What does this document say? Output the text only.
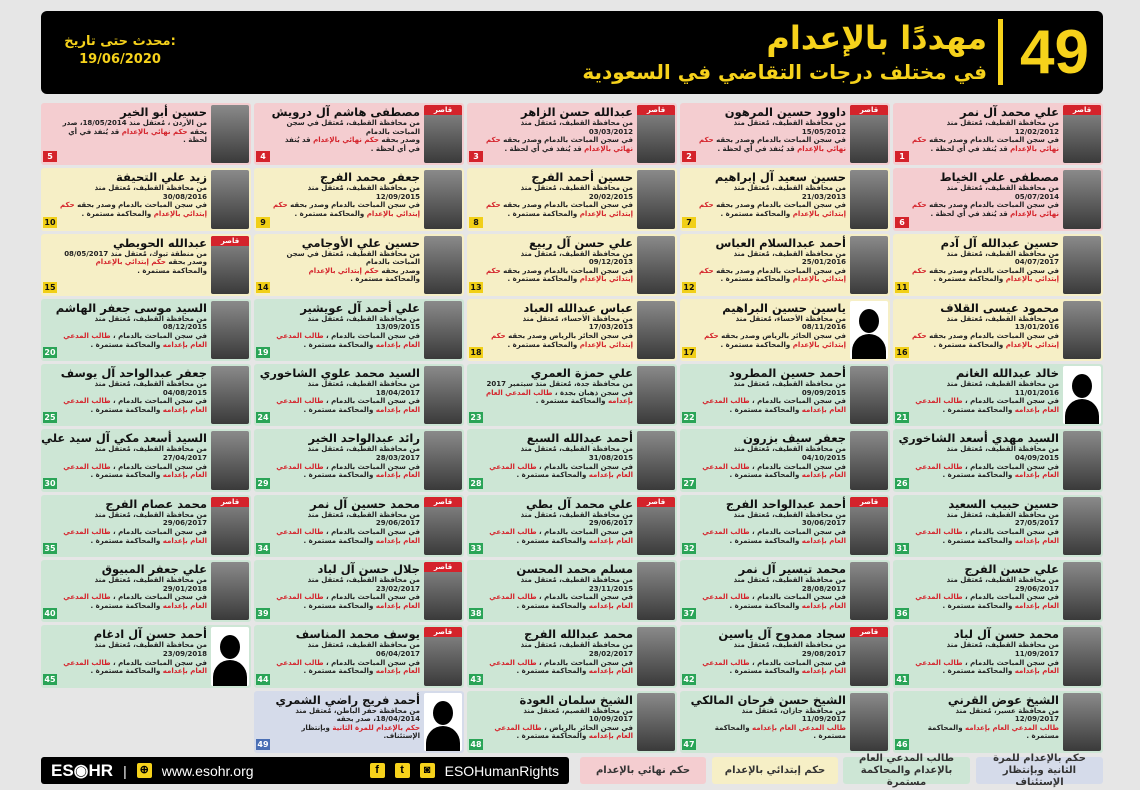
49
مهددًا بالإعدام
في مختلف درجات التقاضي في السعودية
محدث حتى تاريخ:
19/06/2020
قاصر
علي محمد آل نمر
من محافظة القطيف، مُعتقل منذ 12/02/2012
في سجن المباحث بالدمام وصدر بحقه حكم نهائي بالإعدام قد يُنفذ في أي لحظة .
1
قاصر
داوود حسين المرهون
من محافظة القطيف، مُعتقل منذ 15/05/2012
في سجن المباحث بالدمام وصدر بحقه حكم نهائي بالإعدام قد يُنفذ في أي لحظة .
2
قاصر
عبدالله حسن الزاهر
من محافظة القطيف، مُعتقل منذ 03/03/2012
في سجن المباحث بالدمام وصدر بحقه حكم نهائي بالإعدام قد يُنفذ في أي لحظة .
3
قاصر
مصطفى هاشم آل درويش
من محافظة القطيف، مُعتقل في سجن المباحث بالدمام
وصدر بحقه حكم نهائي بالإعدام قد يُنفذ في أي لحظة .
4
حسين أبو الخير
من الأردن ، مُعتقل منذ 18/05/2014، صدر
بحقه حكم نهائي بالإعدام قد يُنفذ في أي لحظة .
5
مصطفى علي الخياط
من محافظة القطيف، مُعتقل منذ 05/07/2014
في سجن المباحث بالدمام وصدر بحقه حكم نهائي بالإعدام قد يُنفذ في أي لحظة .
6
حسين سعيد آل إبراهيم
من محافظة القطيف، مُعتقل منذ 21/03/2013
في سجن المباحث بالدمام وصدر بحقه حكم إبتدائي بالإعدام والمحاكمة مستمرة .
7
حسين أحمد الفرج
من محافظة القطيف، مُعتقل منذ 20/02/2015
في سجن المباحث بالدمام وصدر بحقه حكم إبتدائي بالإعدام والمحاكمة مستمرة .
8
جعفر محمد الفرج
من محافظة القطيف، مُعتقل منذ 12/09/2015
في سجن المباحث بالدمام وصدر بحقه حكم إبتدائي بالإعدام والمحاكمة مستمرة .
9
زيد علي التحيفة
من محافظة القطيف، مُعتقل منذ 30/08/2016
في سجن المباحث بالدمام وصدر بحقه حكم إبتدائي بالإعدام والمحاكمة مستمرة .
10
حسين عبدالله آل آدم
من محافظة القطيف، مُعتقل منذ 04/07/2017
في سجن المباحث بالدمام وصدر بحقه حكم إبتدائي بالإعدام والمحاكمة مستمرة .
11
أحمد عبدالسلام العباس
من محافظة القطيف، مُعتقل منذ 25/01/2016
في سجن المباحث بالدمام وصدر بحقه حكم إبتدائي بالإعدام والمحاكمة مستمرة .
12
علي حسن آل ربيع
من محافظة القطيف، مُعتقل منذ 09/12/2013
في سجن المباحث بالدمام وصدر بحقه حكم إبتدائي بالإعدام والمحاكمة مستمرة .
13
حسين علي الأوجامي
من محافظة القطيف، مُعتقل في سجن المباحث بالدمام
وصدر بحقه حكم إبتدائي بالإعدام والمحاكمة مستمرة .
14
قاصر
عبدالله الحويطي
من منطقة تبوك، مُعتقل منذ 08/05/2017
وصدر بحقه حكم إبتدائي بالإعدام والمحاكمة مستمرة .
15
محمود عيسى القلاف
من محافظة القطيف، مُعتقل منذ 13/01/2016
في سجن المباحث بالدمام وصدر بحقه حكم إبتدائي بالإعدام والمحاكمة مستمرة .
16
ياسين حسين البراهيم
من محافظة الأحساء، مُعتقل منذ 08/11/2016
في سجن الحائر بالرياض وصدر بحقه حكم إبتدائي بالإعدام والمحاكمة مستمرة .
17
عباس عبدالله العباد
من محافظة الأحساء، مُعتقل منذ 17/03/2013
في سجن الحائر بالرياض وصدر بحقه حكم إبتدائي بالإعدام والمحاكمة مستمرة .
18
علي أحمد آل عويشير
من محافظة القطيف، مُعتقل منذ 13/09/2015
في سجن المباحث بالدمام ، طالب المدعي العام بإعدامه والمحاكمة مستمرة .
19
السيد موسى جعفر الهاشم
من محافظة القطيف، مُعتقل منذ 08/12/2015
في سجن المباحث بالدمام ، طالب المدعي العام بإعدامه والمحاكمة مستمرة .
20
خالد عبدالله الغانم
من محافظة القطيف، مُعتقل منذ 11/01/2016
في سجن المباحث بالدمام ، طالب المدعي العام بإعدامه والمحاكمة مستمرة .
21
أحمد حسين المطرود
من محافظة القطيف، مُعتقل منذ 09/09/2015
في سجن المباحث بالدمام ، طالب المدعي العام بإعدامه والمحاكمة مستمرة .
22
علي حمزة العمري
من محافظة جدة، مُعتقل منذ سبتمبر 2017
في سجن ذهبان بجدة ، طالب المدعي العام بإعدامه والمحاكمة مستمرة .
23
السيد محمد علوي الشاخوري
من محافظة القطيف، مُعتقل منذ 18/04/2017
في سجن المباحث بالدمام ، طالب المدعي العام بإعدامه والمحاكمة مستمرة .
24
جعفر عبدالواحد آل يوسف
من محافظة القطيف، مُعتقل منذ 04/08/2015
في سجن المباحث بالدمام ، طالب المدعي العام بإعدامه والمحاكمة مستمرة .
25
السيد مهدي أسعد الشاخوري
من محافظة القطيف، مُعتقل منذ 04/09/2015
في سجن المباحث بالدمام ، طالب المدعي العام بإعدامه والمحاكمة مستمرة .
26
جعفر سيف بزرون
من محافظة القطيف، مُعتقل منذ 04/10/2015
في سجن المباحث بالدمام ، طالب المدعي العام بإعدامه والمحاكمة مستمرة .
27
أحمد عبدالله السبع
من محافظة القطيف، مُعتقل منذ 31/08/2015
في سجن المباحث بالدمام ، طالب المدعي العام بإعدامه والمحاكمة مستمرة .
28
رائد عبدالواحد الخير
من محافظة القطيف، مُعتقل منذ 28/03/2017
في سجن المباحث بالدمام ، طالب المدعي العام بإعدامه والمحاكمة مستمرة .
29
السيد أسعد مكي آل سيد علي
من محافظة القطيف، مُعتقل منذ 27/04/2017
في سجن المباحث بالدمام ، طالب المدعي العام بإعدامه والمحاكمة مستمرة .
30
حسين حبيب السعيد
من محافظة القطيف، مُعتقل منذ 27/05/2017
في سجن المباحث بالدمام ، طالب المدعي العام بإعدامه والمحاكمة مستمرة .
31
قاصر
أحمد عبدالواحد الفرج
من محافظة القطيف، مُعتقل منذ 30/06/2017
في سجن المباحث بالدمام ، طالب المدعي العام بإعدامه والمحاكمة مستمرة .
32
قاصر
علي محمد آل بطي
من محافظة القطيف، مُعتقل منذ 29/06/2017
في سجن المباحث بالدمام ، طالب المدعي العام بإعدامه والمحاكمة مستمرة .
33
قاصر
محمد حسين آل نمر
من محافظة القطيف، مُعتقل منذ 29/06/2017
في سجن المباحث بالدمام ، طالب المدعي العام بإعدامه والمحاكمة مستمرة .
34
قاصر
محمد عصام الفرج
من محافظة القطيف، مُعتقل منذ 29/06/2017
في سجن المباحث بالدمام ، طالب المدعي العام بإعدامه والمحاكمة مستمرة .
35
علي حسن الفرج
من محافظة القطيف، مُعتقل منذ 29/06/2017
في سجن المباحث بالدمام ، طالب المدعي العام بإعدامه والمحاكمة مستمرة .
36
محمد تيسير آل نمر
من محافظة القطيف، مُعتقل منذ 28/08/2017
في سجن المباحث بالدمام ، طالب المدعي العام بإعدامه والمحاكمة مستمرة .
37
مسلم محمد المحسن
من محافظة القطيف، مُعتقل منذ 23/11/2015
في سجن المباحث بالدمام ، طالب المدعي العام بإعدامه والمحاكمة مستمرة .
38
قاصر
جلال حسن آل لباد
من محافظة القطيف، مُعتقل منذ 23/02/2017
في سجن المباحث بالدمام ، طالب المدعي العام بإعدامه والمحاكمة مستمرة .
39
علي جعفر المبيوق
من محافظة القطيف، مُعتقل منذ 29/01/2018
في سجن المباحث بالدمام ، طالب المدعي العام بإعدامه والمحاكمة مستمرة .
40
محمد حسن آل لباد
من محافظة القطيف، مُعتقل منذ 11/09/2017
في سجن المباحث بالدمام ، طالب المدعي العام بإعدامه والمحاكمة مستمرة .
41
قاصر
سجاد ممدوح آل ياسين
من محافظة القطيف، مُعتقل منذ 29/08/2017
في سجن المباحث بالدمام ، طالب المدعي العام بإعدامه والمحاكمة مستمرة .
42
محمد عبدالله الفرج
من محافظة القطيف، مُعتقل منذ 28/02/2017
في سجن المباحث بالدمام ، طالب المدعي العام بإعدامه والمحاكمة مستمرة .
43
قاصر
يوسف محمد المناسف
من محافظة القطيف، مُعتقل منذ 06/04/2017
في سجن المباحث بالدمام ، طالب المدعي العام بإعدامه والمحاكمة مستمرة .
44
أحمد حسن آل ادغام
من محافظة القطيف، مُعتقل منذ 23/09/2018
في سجن المباحث بالدمام ، طالب المدعي العام بإعدامه والمحاكمة مستمرة .
45
الشيخ عوض القرني
من محافظة عسير، مُعتقل منذ 12/09/2017
طالب المدعي العام بإعدامه والمحاكمة مستمرة .
46
الشيخ حسن فرحان المالكي
من محافظة جازان، مُعتقل منذ 11/09/2017
طالب المدعي العام بإعدامه والمحاكمة مستمرة .
47
الشيخ سلمان العودة
من محافظة القصيم، مُعتقل منذ 10/09/2017
في سجن الحائر بالرياض ، طالب المدعي العام بإعدامه والمحاكمة مستمرة .
48
أحمد فريج راضي الشمري
من محافظة حفر الباطن، مُعتقل منذ 18/04/2014، صدر بحقه
حكم بالإعدام للمرة الثانية وبإنتظار الإستئناف.
49
ES◉HR | ⊕ www.esohr.org	f	t	◙ ESOHumanRights	حكم نهائي بالإعدام	حكم إبتدائي بالإعدام
طالب المدعي العام بالإعدام والمحاكمة مستمرة
حكم بالإعدام للمرة الثانية وبإنتظار الإستئناف
